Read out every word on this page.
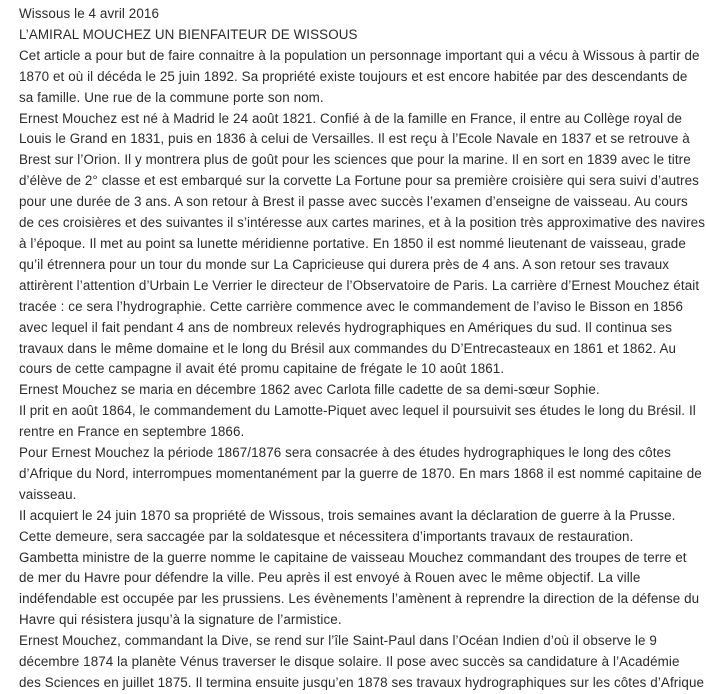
Wissous le 4 avril 2016
L’AMIRAL MOUCHEZ UN BIENFAITEUR DE WISSOUS
Cet article a pour but de faire connaitre à la population un personnage important qui a vécu à Wissous à partir de
1870 et où il décéda le 25 juin 1892. Sa propriété existe toujours et est encore habitée par des descendants de
sa famille. Une rue de la commune porte son nom.
Ernest Mouchez est né à Madrid le 24 août 1821. Confié à de la famille en France, il entre au Collège royal de
Louis le Grand en 1831, puis en 1836 à celui de Versailles. Il est reçu à l’Ecole Navale en 1837 et se retrouve à
Brest sur l’Orion. Il y montrera plus de goût pour les sciences que pour la marine. Il en sort en 1839 avec le titre
d’élève de 2° classe et est embarqué sur la corvette La Fortune pour sa première croisière qui sera suivi d’autres
pour une durée de 3 ans. A son retour à Brest il passe avec succès l’examen d’enseigne de vaisseau. Au cours
de ces croisières et des suivantes il s’intéresse aux cartes marines, et à la position très approximative des navires
à l’époque. Il met au point sa lunette méridienne portative. En 1850 il est nommé lieutenant de vaisseau, grade
qu’il étrennera pour un tour du monde sur La Capricieuse qui durera près de 4 ans. A son retour ses travaux
attirèrent l’attention d’Urbain Le Verrier le directeur de l’Observatoire de Paris. La carrière d’Ernest Mouchez était
tracée : ce sera l’hydrographie. Cette carrière commence avec le commandement de l’aviso le Bisson en 1856
avec lequel il fait pendant 4 ans de nombreux relevés hydrographiques en Amériques du sud. Il continua ses
travaux dans le même domaine et le long du Brésil aux commandes du D’Entrecasteaux en 1861 et 1862. Au
cours de cette campagne il avait été promu capitaine de frégate le 10 août 1861.
Ernest Mouchez se maria en décembre 1862 avec Carlota fille cadette de sa demi-sœur Sophie.
Il prit en août 1864, le commandement du Lamotte-Piquet avec lequel il poursuivit ses études le long du Brésil. Il
rentre en France en septembre 1866.
Pour Ernest Mouchez la période 1867/1876 sera consacrée à des études hydrographiques le long des côtes
d’Afrique du Nord, interrompues momentanément par la guerre de 1870. En mars 1868 il est nommé capitaine de
vaisseau.
Il acquiert le 24 juin 1870 sa propriété de Wissous, trois semaines avant la déclaration de guerre à la Prusse.
Cette demeure, sera saccagée par la soldatesque et nécessitera d’importants travaux de restauration.
Gambetta ministre de la guerre nomme le capitaine de vaisseau Mouchez commandant des troupes de terre et
de mer du Havre pour défendre la ville. Peu après il est envoyé à Rouen avec le même objectif. La ville
indéfendable est occupée par les prussiens. Les évènements l’amènent à reprendre la direction de la défense du
Havre qui résistera jusqu’à la signature de l’armistice.
Ernest Mouchez, commandant la Dive, se rend sur l’île Saint-Paul dans l’Océan Indien d’où il observe le 9
décembre 1874 la planète Vénus traverser le disque solaire. Il pose avec succès sa candidature à l’Académie
des Sciences en juillet 1875. Il termina ensuite jusqu’en 1878 ses travaux hydrographiques sur les côtes d’Afrique
